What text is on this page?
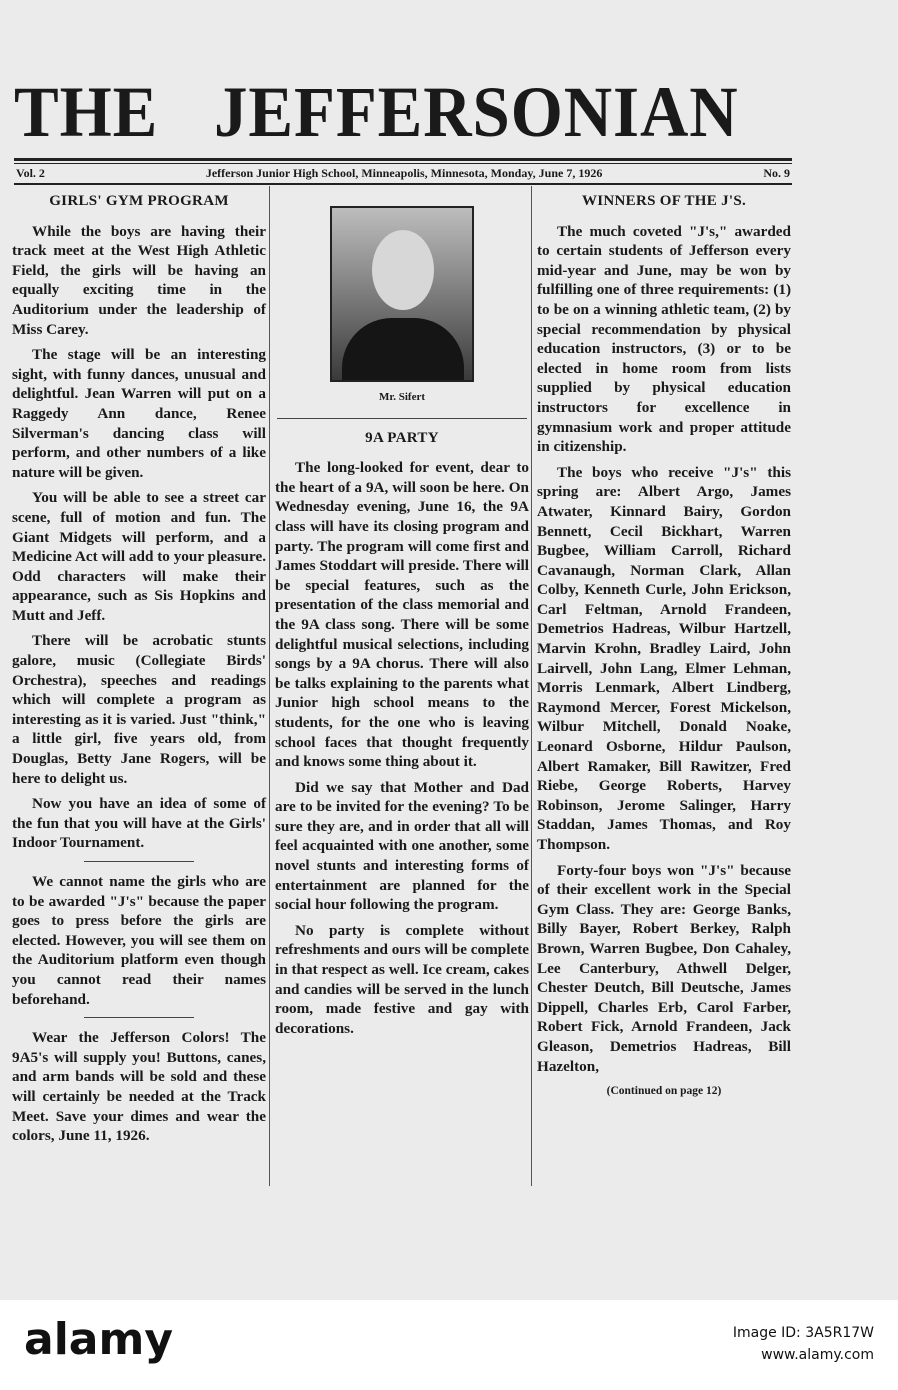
THE JEFFERSONIAN
Vol. 2	Jefferson Junior High School, Minneapolis, Minnesota, Monday, June 7, 1926	No. 9
GIRLS' GYM PROGRAM

While the boys are having their track meet at the West High Athletic Field, the girls will be having an equally exciting time in the Auditorium under the leadership of Miss Carey.

The stage will be an interesting sight, with funny dances, unusual and delightful. Jean Warren will put on a Raggedy Ann dance, Renee Silverman's dancing class will perform, and other numbers of a like nature will be given.

You will be able to see a street car scene, full of motion and fun. The Giant Midgets will perform, and a Medicine Act will add to your pleasure. Odd characters will make their appearance, such as Sis Hopkins and Mutt and Jeff.

There will be acrobatic stunts galore, music (Collegiate Birds' Orchestra), speeches and readings which will complete a program as interesting as it is varied. Just "think," a little girl, five years old, from Douglas, Betty Jane Rogers, will be here to delight us.

Now you have an idea of some of the fun that you will have at the Girls' Indoor Tournament.

We cannot name the girls who are to be awarded "J's" because the paper goes to press before the girls are elected. However, you will see them on the Auditorium platform even though you cannot read their names beforehand.

Wear the Jefferson Colors! The 9A5's will supply you! Buttons, canes, and arm bands will be sold and these will certainly be needed at the Track Meet. Save your dimes and wear the colors, June 11, 1926.

Mr. Sifert
9A PARTY

The long-looked for event, dear to the heart of a 9A, will soon be here. On Wednesday evening, June 16, the 9A class will have its closing program and party. The program will come first and James Stoddart will preside. There will be special features, such as the presentation of the class memorial and the 9A class song. There will be some delightful musical selections, including songs by a 9A chorus. There will also be talks explaining to the parents what Junior high school means to the students, for the one who is leaving school faces that thought frequently and knows some thing about it.

Did we say that Mother and Dad are to be invited for the evening? To be sure they are, and in order that all will feel acquainted with one another, some novel stunts and interesting forms of entertainment are planned for the social hour following the program.

No party is complete without refreshments and ours will be complete in that respect as well. Ice cream, cakes and candies will be served in the lunch room, made festive and gay with decorations.

WINNERS OF THE J'S.

The much coveted "J's," awarded to certain students of Jefferson every mid-year and June, may be won by fulfilling one of three requirements: (1) to be on a winning athletic team, (2) by special recommendation by physical education instructors, (3) or to be elected in home room from lists supplied by physical education instructors for excellence in gymnasium work and proper attitude in citizenship.

The boys who receive "J's" this spring are: Albert Argo, James Atwater, Kinnard Bairy, Gordon Bennett, Cecil Bickhart, Warren Bugbee, William Carroll, Richard Cavanaugh, Norman Clark, Allan Colby, Kenneth Curle, John Erickson, Carl Feltman, Arnold Frandeen, Demetrios Hadreas, Wilbur Hartzell, Marvin Krohn, Bradley Laird, John Lairvell, John Lang, Elmer Lehman, Morris Lenmark, Albert Lindberg, Raymond Mercer, Forest Mickelson, Wilbur Mitchell, Donald Noake, Leonard Osborne, Hildur Paulson, Albert Ramaker, Bill Rawitzer, Fred Riebe, George Roberts, Harvey Robinson, Jerome Salinger, Harry Staddan, James Thomas, and Roy Thompson.

Forty-four boys won "J's" because of their excellent work in the Special Gym Class. They are: George Banks, Billy Bayer, Robert Berkey, Ralph Brown, Warren Bugbee, Don Cahaley, Lee Canterbury, Athwell Delger, Chester Deutch, Bill Deutsche, James Dippell, Charles Erb, Carol Farber, Robert Fick, Arnold Frandeen, Jack Gleason, Demetrios Hadreas, Bill Hazelton,

(Continued on page 12)
alamy	Image ID: 3A5R17W
www.alamy.com
